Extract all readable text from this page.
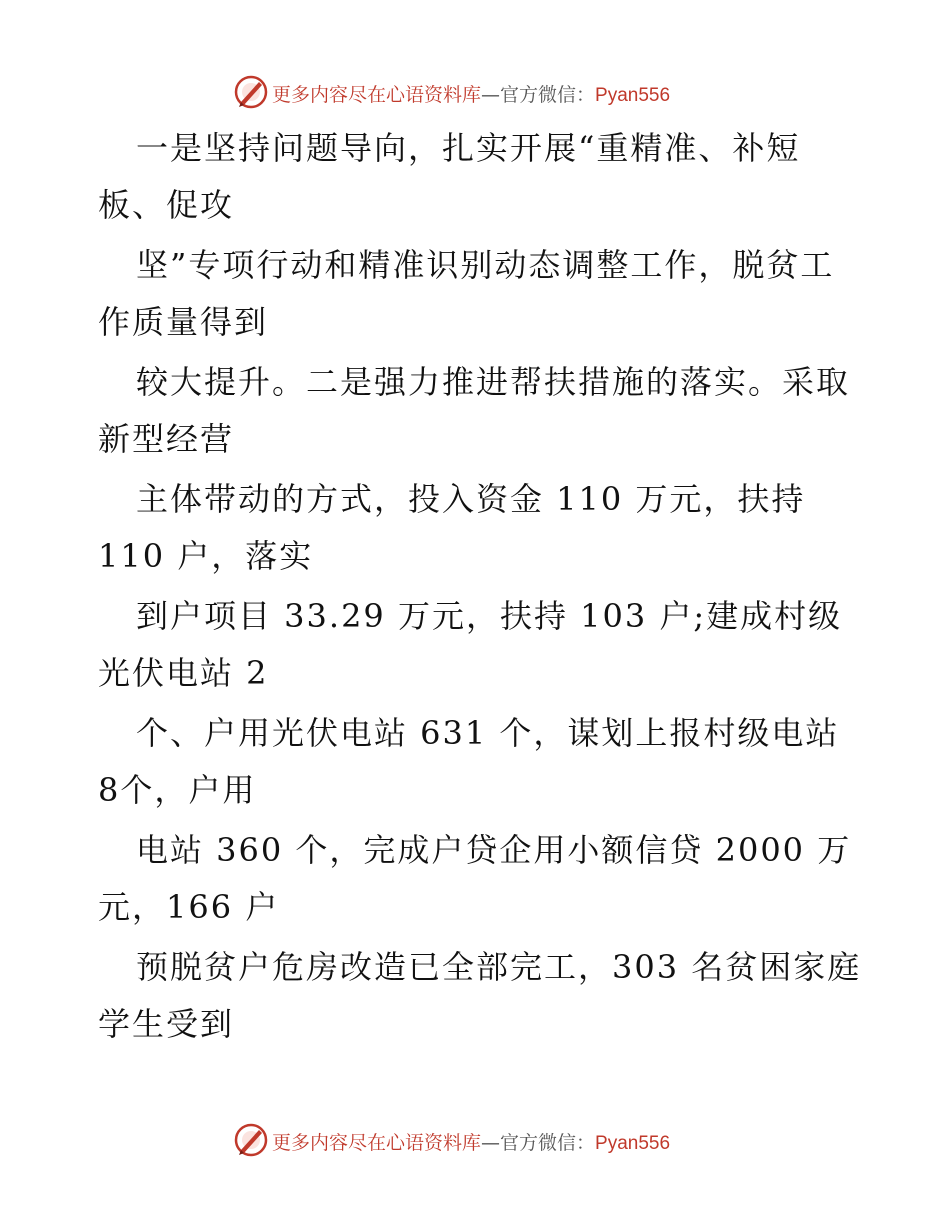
更多内容尽在心语资料库—官方微信：Pyan556
一是坚持问题导向，扎实开展“重精准、补短
板、促攻
坚”专项行动和精准识别动态调整工作，脱贫工
作质量得到
较大提升。二是强力推进帮扶措施的落实。采取
新型经营
主体带动的方式，投入资金 110 万元，扶持
110 户，落实
到户项目 33.29 万元，扶持 103 户;建成村级
光伏电站 2
个、户用光伏电站 631 个，谋划上报村级电站
8个，户用
电站 360 个，完成户贷企用小额信贷 2000 万
元，166 户
预脱贫户危房改造已全部完工，303 名贫困家庭
学生受到
更多内容尽在心语资料库—官方微信：Pyan556
